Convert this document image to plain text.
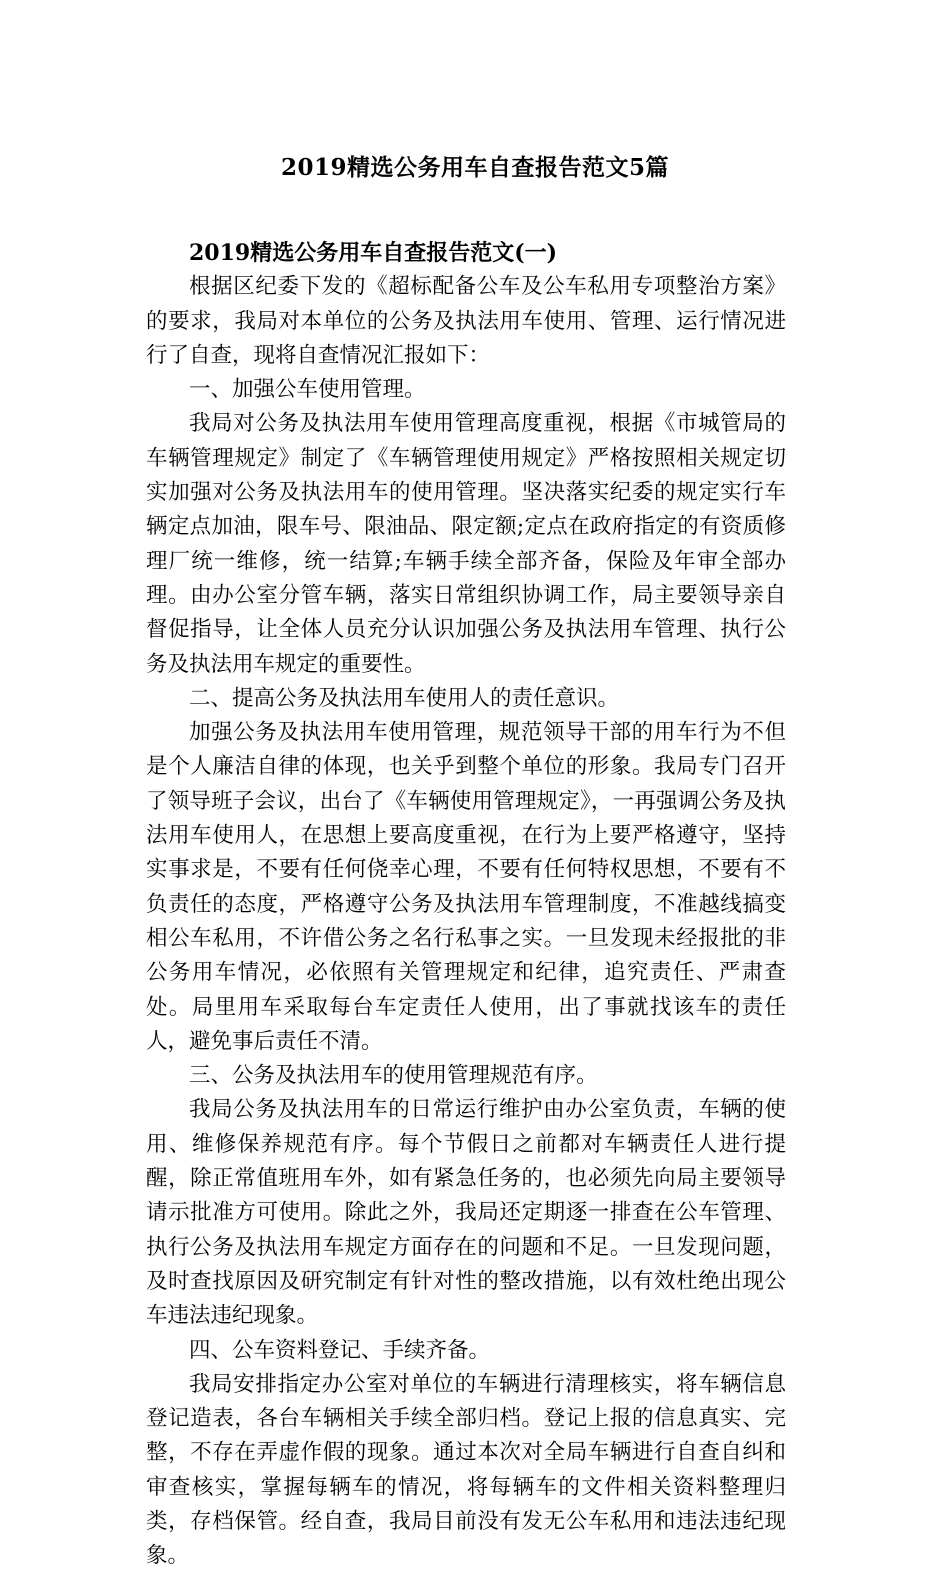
2019精选公务用车自查报告范文5篇

2019精选公务用车自查报告范文(一)

根据区纪委下发的《超标配备公车及公车私用专项整治方案》的要求，我局对本单位的公务及执法用车使用、管理、运行情况进行了自查，现将自查情况汇报如下：

一、加强公车使用管理。

我局对公务及执法用车使用管理高度重视，根据《市城管局的车辆管理规定》制定了《车辆管理使用规定》严格按照相关规定切实加强对公务及执法用车的使用管理。坚决落实纪委的规定实行车辆定点加油，限车号、限油品、限定额;定点在政府指定的有资质修理厂统一维修，统一结算;车辆手续全部齐备，保险及年审全部办理。由办公室分管车辆，落实日常组织协调工作，局主要领导亲自督促指导，让全体人员充分认识加强公务及执法用车管理、执行公务及执法用车规定的重要性。

二、提高公务及执法用车使用人的责任意识。

加强公务及执法用车使用管理，规范领导干部的用车行为不但是个人廉洁自律的体现，也关乎到整个单位的形象。我局专门召开了领导班子会议，出台了《车辆使用管理规定》，一再强调公务及执法用车使用人，在思想上要高度重视，在行为上要严格遵守，坚持实事求是，不要有任何侥幸心理，不要有任何特权思想，不要有不负责任的态度，严格遵守公务及执法用车管理制度，不准越线搞变相公车私用，不许借公务之名行私事之实。一旦发现未经报批的非公务用车情况，必依照有关管理规定和纪律，追究责任、严肃查处。局里用车采取每台车定责任人使用，出了事就找该车的责任人，避免事后责任不清。

三、公务及执法用车的使用管理规范有序。

我局公务及执法用车的日常运行维护由办公室负责，车辆的使用、维修保养规范有序。每个节假日之前都对车辆责任人进行提醒，除正常值班用车外，如有紧急任务的，也必须先向局主要领导请示批准方可使用。除此之外，我局还定期逐一排查在公车管理、执行公务及执法用车规定方面存在的问题和不足。一旦发现问题，及时查找原因及研究制定有针对性的整改措施，以有效杜绝出现公车违法违纪现象。

四、公车资料登记、手续齐备。

我局安排指定办公室对单位的车辆进行清理核实，将车辆信息登记造表，各台车辆相关手续全部归档。登记上报的信息真实、完整，不存在弄虚作假的现象。通过本次对全局车辆进行自查自纠和审查核实，掌握每辆车的情况，将每辆车的文件相关资料整理归类，存档保管。经自查，我局目前没有发无公车私用和违法违纪现象。
